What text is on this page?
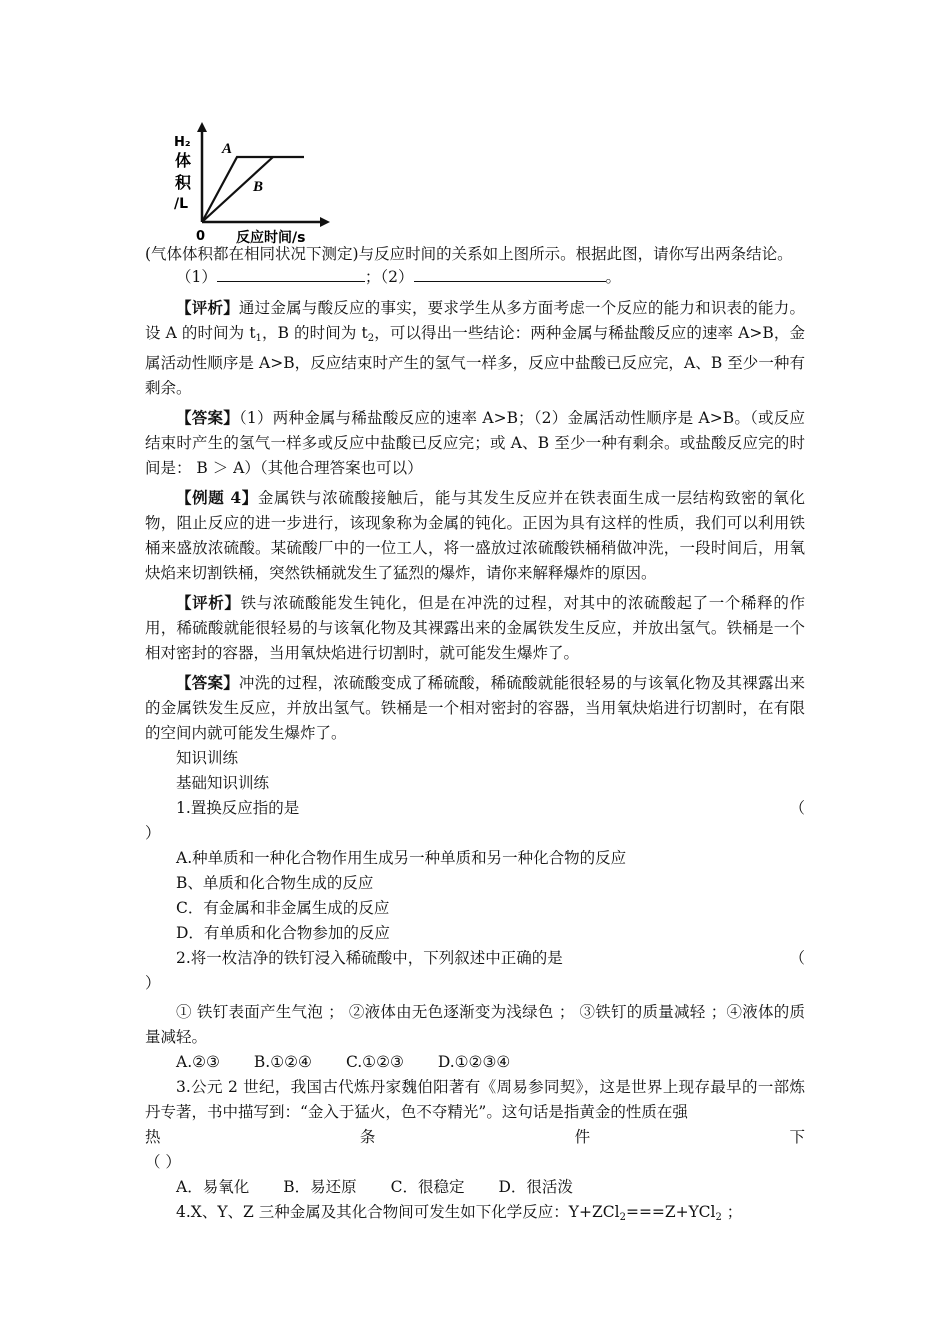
A
B
H₂
体
积
/L
0 反应时间/s

(气体体积都在相同状况下测定)与反应时间的关系如上图所示。根据此图，请你写出两条结论。

（1）	；（2）	。

【评析】通过金属与酸反应的事实，要求学生从多方面考虑一个反应的能力和识表的能力。设 A 的时间为 $t_1$，B 的时间为 $t_2$，可以得出一些结论：两种金属与稀盐酸反应的速率 A>B，金属活动性顺序是 A>B，反应结束时产生的氢气一样多，反应中盐酸已反应完，A、B 至少一种有剩余。

【答案】（1）两种金属与稀盐酸反应的速率 A>B；（2）金属活动性顺序是 A>B。（或反应结束时产生的氢气一样多或反应中盐酸已反应完；或 A、B 至少一种有剩余。或盐酸反应完的时间是： B ＞ A）（其他合理答案也可以）

【例题 4】金属铁与浓硫酸接触后，能与其发生反应并在铁表面生成一层结构致密的氧化物，阻止反应的进一步进行，该现象称为金属的钝化。正因为具有这样的性质，我们可以利用铁桶来盛放浓硫酸。某硫酸厂中的一位工人，将一盛放过浓硫酸铁桶稍做冲洗，一段时间后，用氧炔焰来切割铁桶，突然铁桶就发生了猛烈的爆炸，请你来解释爆炸的原因。

【评析】铁与浓硫酸能发生钝化，但是在冲洗的过程，对其中的浓硫酸起了一个稀释的作用，稀硫酸就能很轻易的与该氧化物及其裸露出来的金属铁发生反应，并放出氢气。铁桶是一个相对密封的容器，当用氧炔焰进行切割时，就可能发生爆炸了。

【答案】冲洗的过程，浓硫酸变成了稀硫酸，稀硫酸就能很轻易的与该氧化物及其裸露出来的金属铁发生反应，并放出氢气。铁桶是一个相对密封的容器，当用氧炔焰进行切割时，在有限的空间内就可能发生爆炸了。

知识训练

基础知识训练

1.置换反应指的是	（

）

A.种单质和一种化合物作用生成另一种单质和另一种化合物的反应

B、单质和化合物生成的反应

C．有金属和非金属生成的反应

D．有单质和化合物参加的反应

2.将一枚洁净的铁钉浸入稀硫酸中，下列叙述中正确的是	（

）

① 铁钉表面产生气泡 ； ②液体由无色逐渐变为浅绿色 ； ③铁钉的质量减轻 ；④液体的质量减轻。

A.②③ B.①②④ C.①②③ D.①②③④

3.公元 2 世纪，我国古代炼丹家魏伯阳著有《周易参同契》，这是世界上现存最早的一部炼丹专著，书中描写到：“金入于猛火，色不夺精光”。这句话是指黄金的性质在强

热	条	件	下

（ ）

A．易氧化 B．易还原 C．很稳定 D．很活泼

4.X、Y、Z 三种金属及其化合物间可发生如下化学反应：Y+ZCl$_2$===Z+YCl$_2$ ；
